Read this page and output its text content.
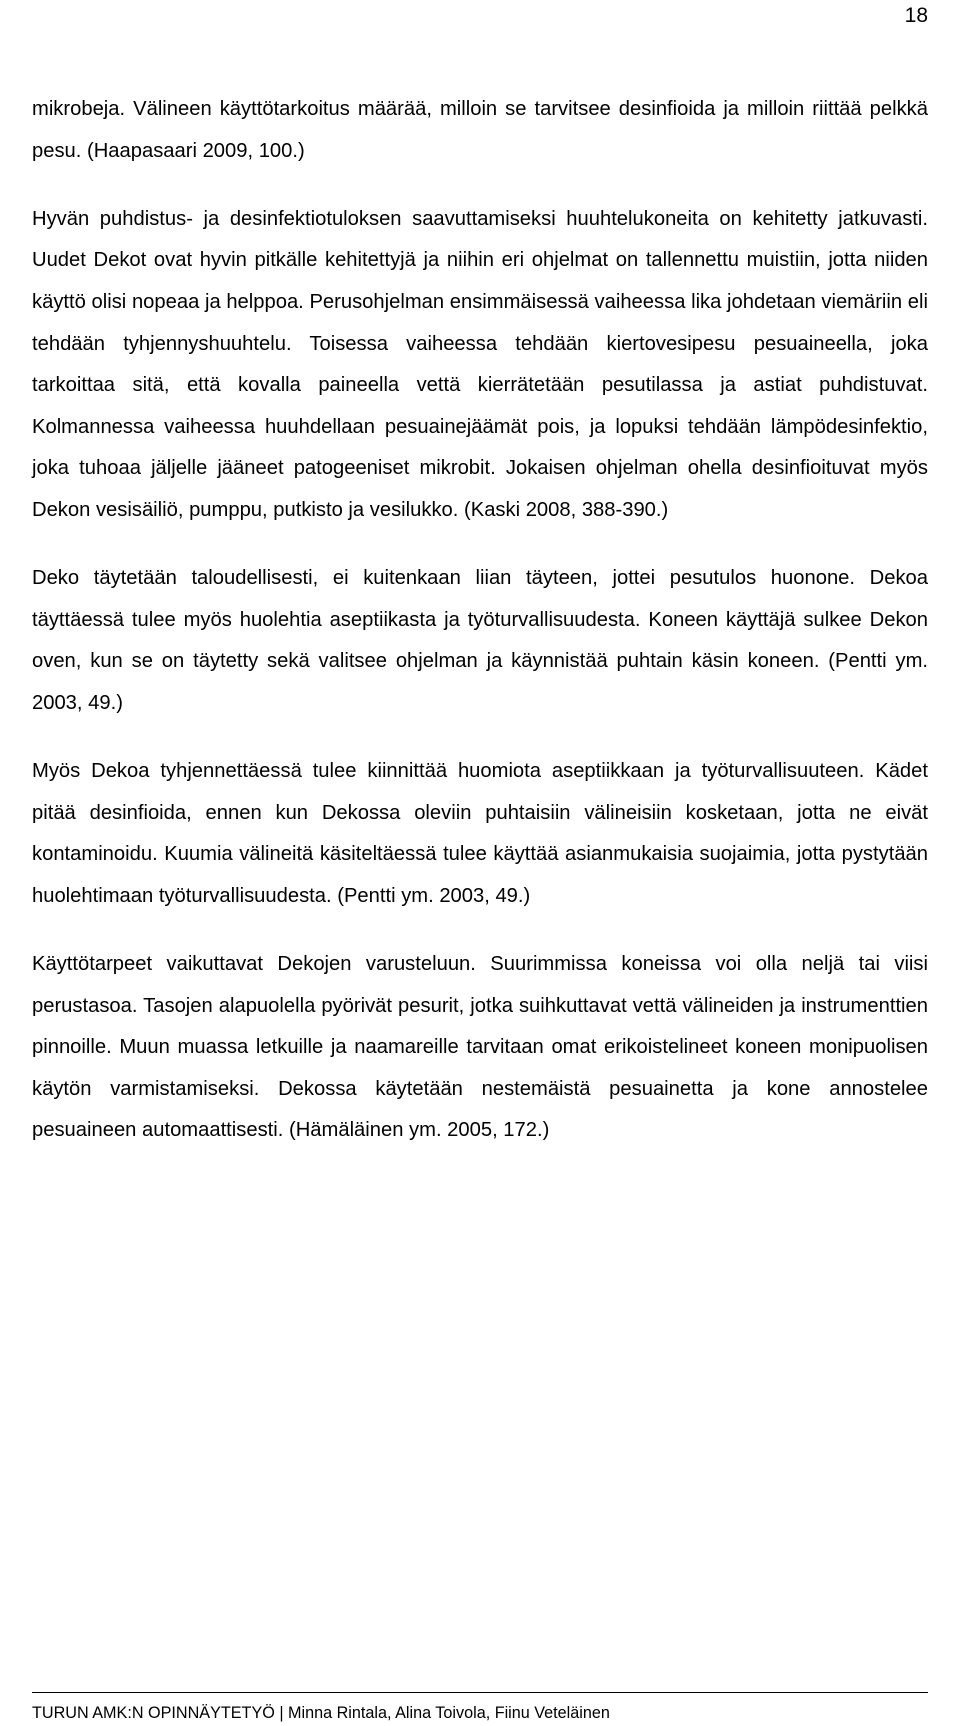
18

mikrobeja. Välineen käyttötarkoitus määrää, milloin se tarvitsee desinfioida ja milloin riittää pelkkä pesu. (Haapasaari 2009, 100.)

Hyvän puhdistus- ja desinfektiotuloksen saavuttamiseksi huuhtelukoneita on kehitetty jatkuvasti. Uudet Dekot ovat hyvin pitkälle kehitettyjä ja niihin eri ohjelmat on tallennettu muistiin, jotta niiden käyttö olisi nopeaa ja helppoa. Perusohjelman ensimmäisessä vaiheessa lika johdetaan viemäriin eli tehdään tyhjennyshuuhtelu. Toisessa vaiheessa tehdään kiertovesipesu pesuaineella, joka tarkoittaa sitä, että kovalla paineella vettä kierrätetään pesutilassa ja astiat puhdistuvat. Kolmannessa vaiheessa huuhdellaan pesuainejäämät pois, ja lopuksi tehdään lämpödesinfektio, joka tuhoaa jäljelle jääneet patogeeniset mikrobit. Jokaisen ohjelman ohella desinfioituvat myös Dekon vesisäiliö, pumppu, putkisto ja vesilukko. (Kaski 2008, 388-390.)

Deko täytetään taloudellisesti, ei kuitenkaan liian täyteen, jottei pesutulos huonone. Dekoa täyttäessä tulee myös huolehtia aseptiikasta ja työturvallisuudesta. Koneen käyttäjä sulkee Dekon oven, kun se on täytetty sekä valitsee ohjelman ja käynnistää puhtain käsin koneen. (Pentti ym. 2003, 49.)

Myös Dekoa tyhjennettäessä tulee kiinnittää huomiota aseptiikkaan ja työturvallisuuteen. Kädet pitää desinfioida, ennen kun Dekossa oleviin puhtaisiin välineisiin kosketaan, jotta ne eivät kontaminoidu. Kuumia välineitä käsiteltäessä tulee käyttää asianmukaisia suojaimia, jotta pystytään huolehtimaan työturvallisuudesta. (Pentti ym. 2003, 49.)

Käyttötarpeet vaikuttavat Dekojen varusteluun. Suurimmissa koneissa voi olla neljä tai viisi perustasoa. Tasojen alapuolella pyörivät pesurit, jotka suihkuttavat vettä välineiden ja instrumenttien pinnoille. Muun muassa letkuille ja naamareille tarvitaan omat erikoistelineet koneen monipuolisen käytön varmistamiseksi. Dekossa käytetään nestemäistä pesuainetta ja kone annostelee pesuaineen automaattisesti. (Hämäläinen ym. 2005, 172.)

TURUN AMK:N OPINNÄYTETYÖ | Minna Rintala, Alina Toivola, Fiinu Veteläinen
